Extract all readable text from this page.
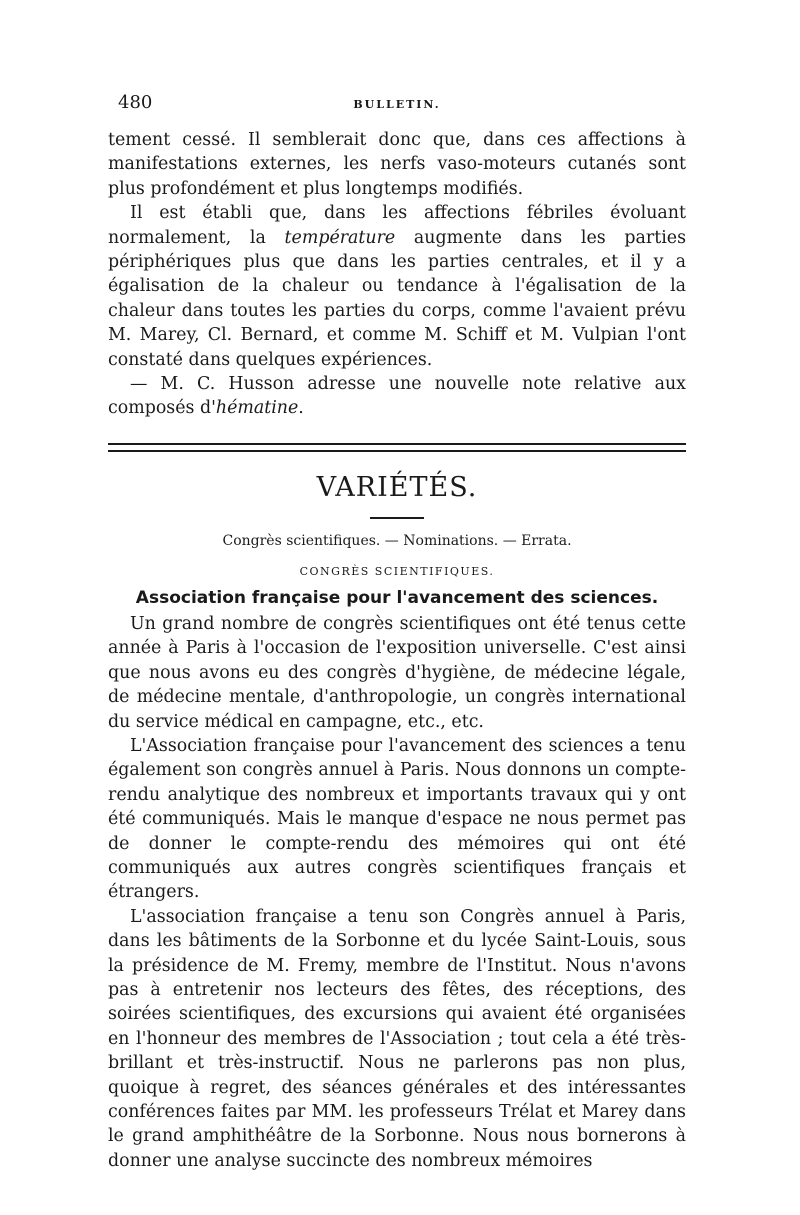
480	BULLETIN.

tement cessé. Il semblerait donc que, dans ces affections à manifestations externes, les nerfs vaso-moteurs cutanés sont plus profondément et plus longtemps modifiés.

Il est établi que, dans les affections fébriles évoluant normalement, la température augmente dans les parties périphériques plus que dans les parties centrales, et il y a égalisation de la chaleur ou tendance à l'égalisation de la chaleur dans toutes les parties du corps, comme l'avaient prévu M. Marey, Cl. Bernard, et comme M. Schiff et M. Vulpian l'ont constaté dans quelques expériences.

— M. C. Husson adresse une nouvelle note relative aux composés d'hématine.

VARIÉTÉS.
Congrès scientifiques. — Nominations. — Errata.
CONGRÈS SCIENTIFIQUES.
Association française pour l'avancement des sciences.

Un grand nombre de congrès scientifiques ont été tenus cette année à Paris à l'occasion de l'exposition universelle. C'est ainsi que nous avons eu des congrès d'hygiène, de médecine légale, de médecine mentale, d'anthropologie, un congrès international du service médical en campagne, etc., etc.

L'Association française pour l'avancement des sciences a tenu également son congrès annuel à Paris. Nous donnons un compte-rendu analytique des nombreux et importants travaux qui y ont été communiqués. Mais le manque d'espace ne nous permet pas de donner le compte-rendu des mémoires qui ont été communiqués aux autres congrès scientifiques français et étrangers.

L'association française a tenu son Congrès annuel à Paris, dans les bâtiments de la Sorbonne et du lycée Saint-Louis, sous la présidence de M. Fremy, membre de l'Institut. Nous n'avons pas à entretenir nos lecteurs des fêtes, des réceptions, des soirées scientifiques, des excursions qui avaient été organisées en l'honneur des membres de l'Association ; tout cela a été très-brillant et très-instructif. Nous ne parlerons pas non plus, quoique à regret, des séances générales et des intéressantes conférences faites par MM. les professeurs Trélat et Marey dans le grand amphithéâtre de la Sorbonne. Nous nous bornerons à donner une analyse succincte des nombreux mémoires
